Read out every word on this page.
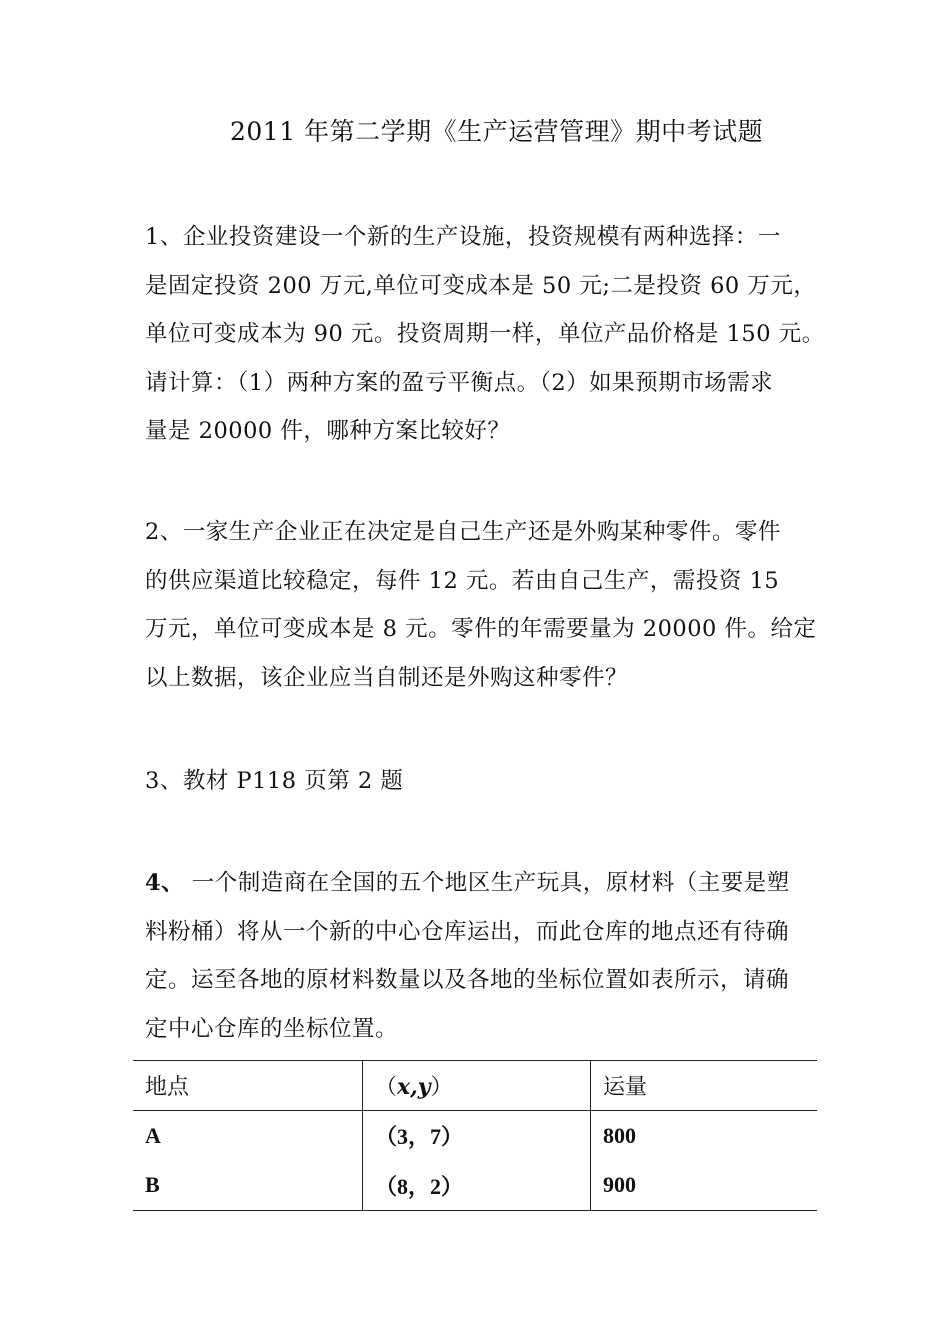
2011 年第二学期《生产运营管理》期中考试题

1、企业投资建设一个新的生产设施，投资规模有两种选择：一
是固定投资 200 万元,单位可变成本是 50 元;二是投资 60 万元，
单位可变成本为 90 元。投资周期一样，单位产品价格是 150 元。
请计算：（1）两种方案的盈亏平衡点。（2）如果预期市场需求
量是 20000 件，哪种方案比较好？

2、一家生产企业正在决定是自己生产还是外购某种零件。零件
的供应渠道比较稳定，每件 12 元。若由自己生产，需投资 15
万元，单位可变成本是 8 元。零件的年需要量为 20000 件。给定
以上数据，该企业应当自制还是外购这种零件？

3、教材 P118 页第 2 题

4、 一个制造商在全国的五个地区生产玩具，原材料（主要是塑
料粉桶）将从一个新的中心仓库运出，而此仓库的地点还有待确
定。运至各地的原材料数量以及各地的坐标位置如表所示，请确
定中心仓库的坐标位置。

地点	（x,y）	运量
A	（3，7）	800
B	（8，2）	900
